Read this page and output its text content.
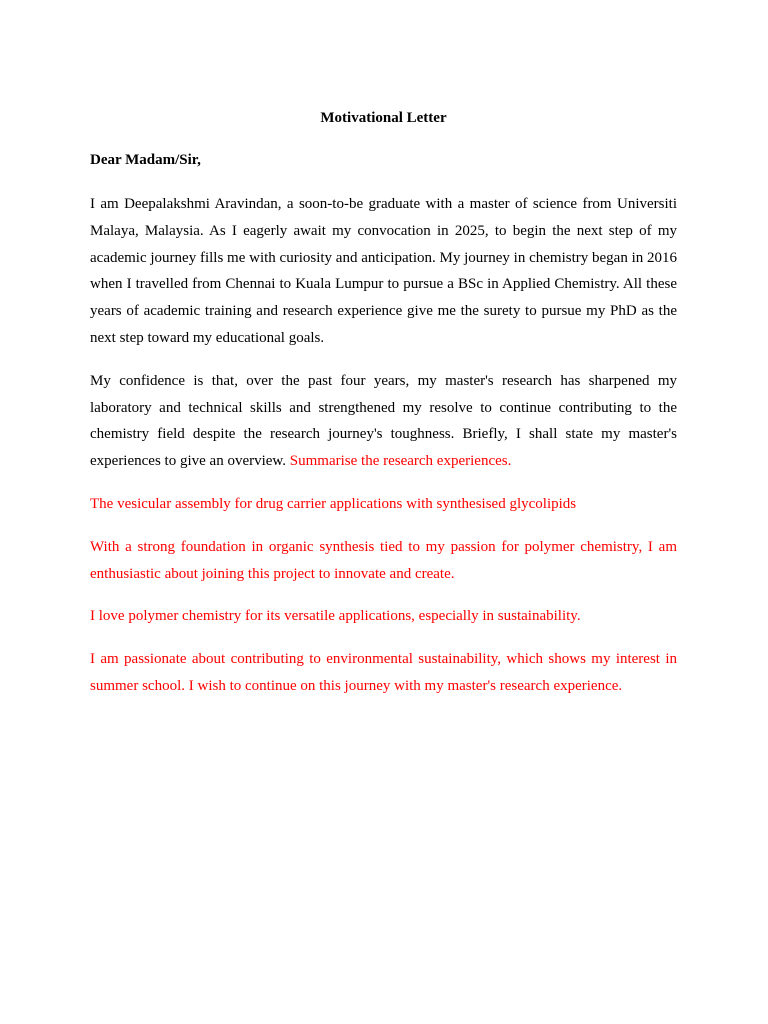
Motivational Letter
Dear Madam/Sir,

I am Deepalakshmi Aravindan, a soon-to-be graduate with a master of science from Universiti Malaya, Malaysia. As I eagerly await my convocation in 2025, to begin the next step of my academic journey fills me with curiosity and anticipation. My journey in chemistry began in 2016 when I travelled from Chennai to Kuala Lumpur to pursue a BSc in Applied Chemistry. All these years of academic training and research experience give me the surety to pursue my PhD as the next step toward my educational goals.

My confidence is that, over the past four years, my master's research has sharpened my laboratory and technical skills and strengthened my resolve to continue contributing to the chemistry field despite the research journey's toughness. Briefly, I shall state my master's experiences to give an overview. Summarise the research experiences.

The vesicular assembly for drug carrier applications with synthesised glycolipids

With a strong foundation in organic synthesis tied to my passion for polymer chemistry, I am enthusiastic about joining this project to innovate and create.

I love polymer chemistry for its versatile applications, especially in sustainability.

I am passionate about contributing to environmental sustainability, which shows my interest in summer school. I wish to continue on this journey with my master's research experience.
